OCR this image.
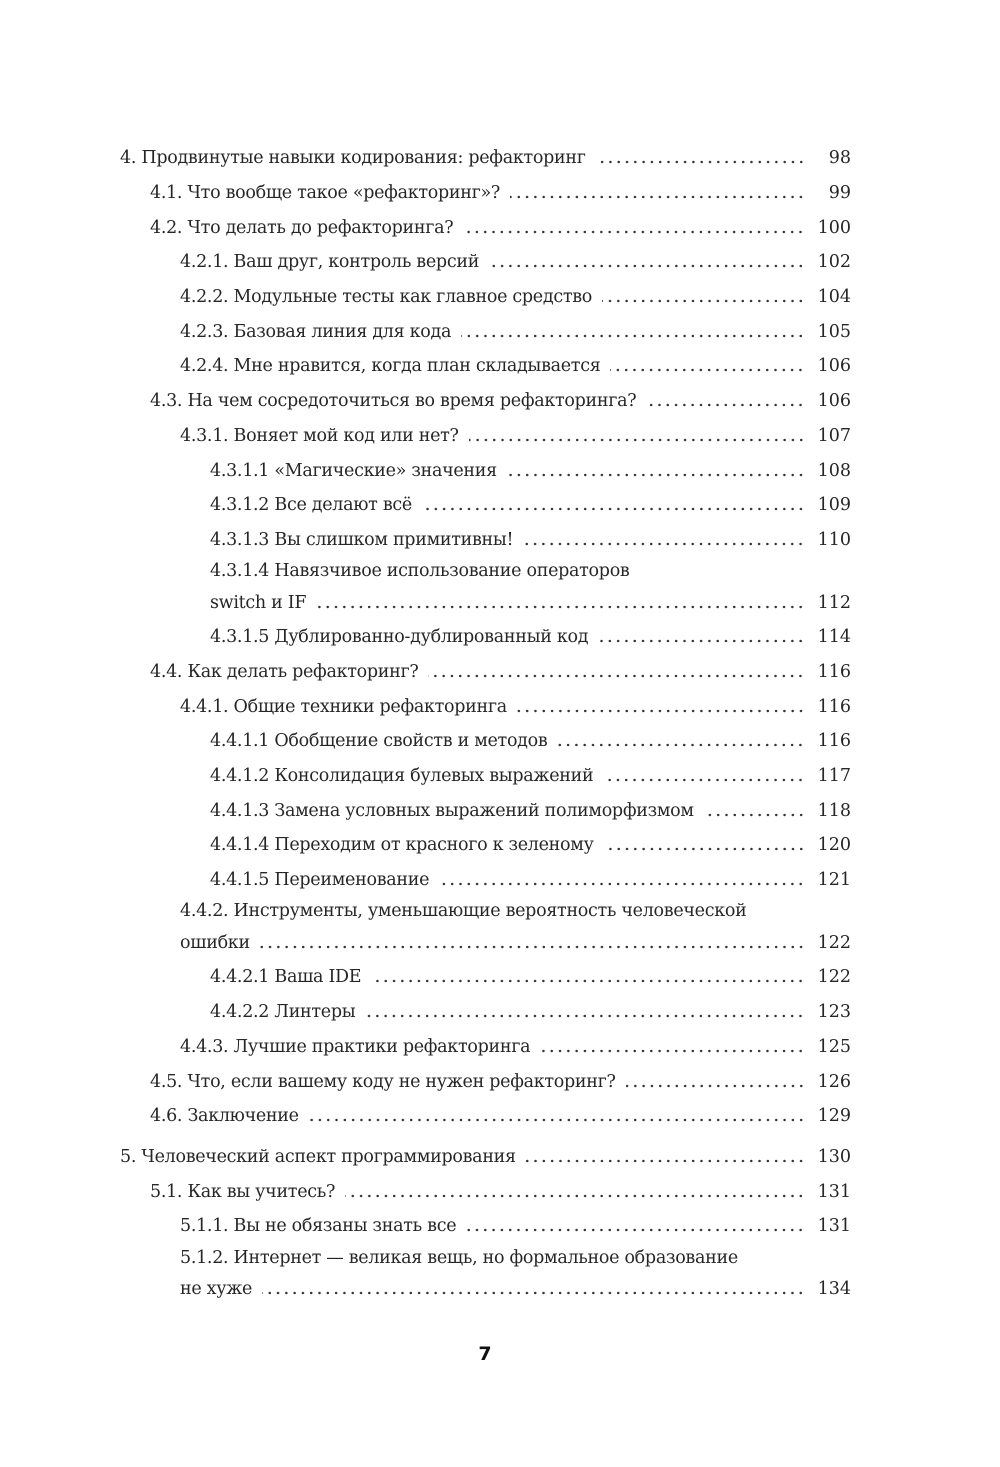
4. Продвинутые навыки кодирования: рефакторинг	98
4.1. Что вообще такое «рефакторинг»?	99
4.2. Что делать до рефакторинга?	100
4.2.1. Ваш друг, контроль версий	102
4.2.2. Модульные тесты как главное средство	104
4.2.3. Базовая линия для кода	105
4.2.4. Мне нравится, когда план складывается	106
4.3. На чем сосредоточиться во время рефакторинга?	106
4.3.1. Воняет мой код или нет?	107
4.3.1.1 «Магические» значения	108
4.3.1.2 Все делают всё	109
4.3.1.3 Вы слишком примитивны!	110
4.3.1.4 Навязчивое использование операторов
switch и IF	112
4.3.1.5 Дублированно-дублированный код	114
4.4. Как делать рефакторинг?	116
4.4.1. Общие техники рефакторинга	116
4.4.1.1 Обобщение свойств и методов	116
4.4.1.2 Консолидация булевых выражений	117
4.4.1.3 Замена условных выражений полиморфизмом	118
4.4.1.4 Переходим от красного к зеленому	120
4.4.1.5 Переименование	121
4.4.2. Инструменты, уменьшающие вероятность человеческой
ошибки	122
4.4.2.1 Ваша IDE	122
4.4.2.2 Линтеры	123
4.4.3. Лучшие практики рефакторинга	125
4.5. Что, если вашему коду не нужен рефакторинг?	126
4.6. Заключение	129
5. Человеческий аспект программирования	130
5.1. Как вы учитесь?	131
5.1.1. Вы не обязаны знать все	131
5.1.2. Интернет — великая вещь, но формальное образование
не хуже	134
7
